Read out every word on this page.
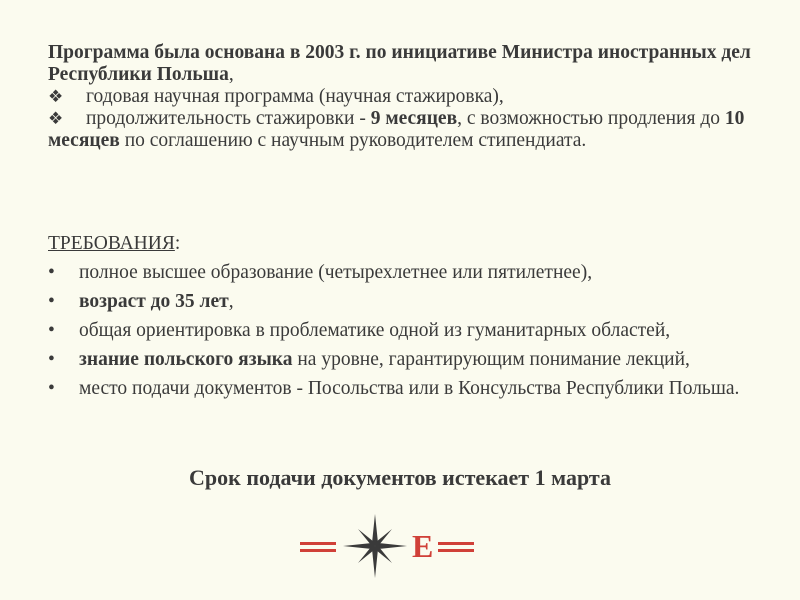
Программа была основана в 2003 г. по инициативе Министра иностранных дел Республики Польша,

❖ годовая научная программа (научная стажировка),

❖ продолжительность стажировки - 9 месяцев, с возможностью продления до 10 месяцев по соглашению с научным руководителем стипендиата.

ТРЕБОВАНИЯ:

• полное высшее образование (четырехлетнее или пятилетнее),
• возраст до 35 лет,
• общая ориентировка в проблематике одной из гуманитарных областей,
• знание польского языка на уровне, гарантирующим понимание лекций,
• место подачи документов - Посольства или в Консульства Республики Польша.
Срок подачи документов истекает 1 марта
E
